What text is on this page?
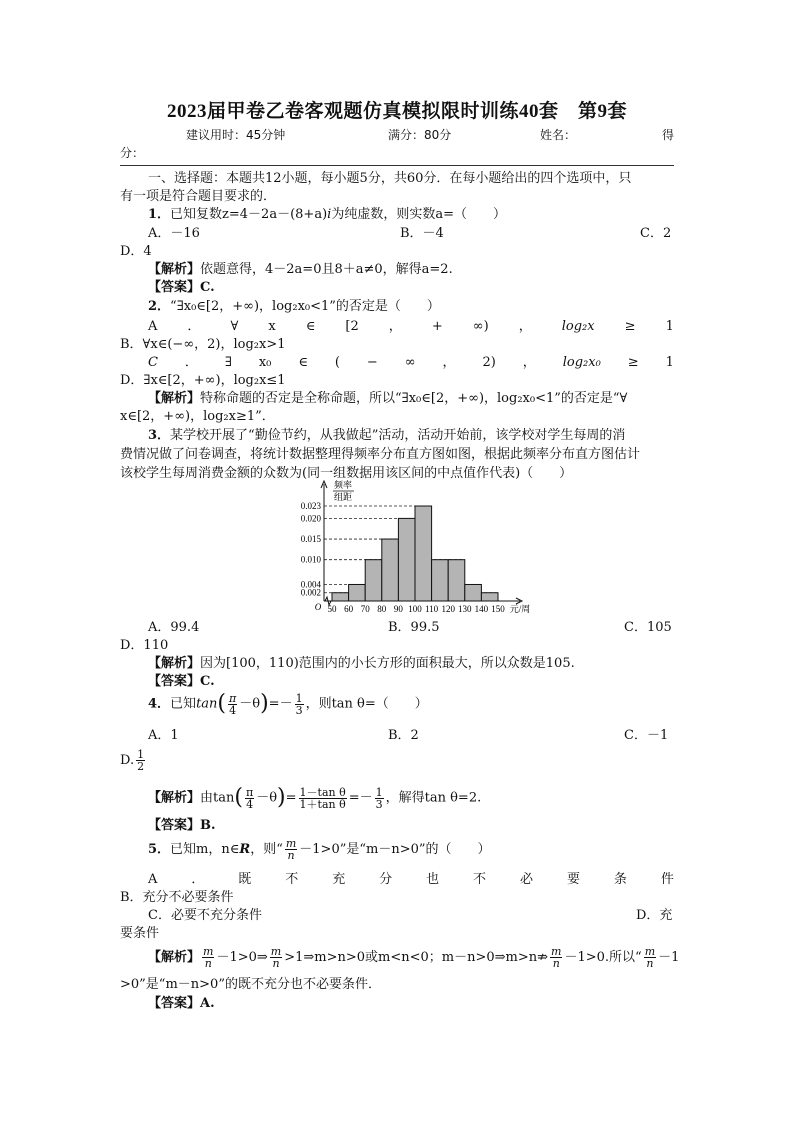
2023届甲卷乙卷客观题仿真模拟限时训练40套　第9套
建议用时：45分钟	满分：80分	姓名：	得
分：
一、选择题：本题共12小题，每小题5分，共60分．在每小题给出的四个选项中，只
有一项是符合题目要求的．
1．已知复数z=4－2a－(8+a)i为纯虚数，则实数a=（　　）
A．－16	B．－4	C．2
D．4
【解析】依题意得，4－2a=0且8＋a≠0，解得a=2.
【答案】C.
2．“∃x₀∈[2，+∞)，log₂x₀<1”的否定是（　　）
A ． ∀ x ∈ [2 ， + ∞) ， log₂x ≥ 1
B．∀x∈(−∞，2)，log₂x>1
C ． ∃ x₀ ∈ ( − ∞ ， 2) ， log₂x₀ ≥ 1
D．∃x∈[2，+∞)，log₂x≤1
【解析】特称命题的否定是全称命题，所以“∃x₀∈[2，+∞)，log₂x₀<1”的否定是“∀
x∈[2，+∞)，log₂x≥1”．
3．某学校开展了“勤俭节约，从我做起”活动，活动开始前，该学校对学生每周的消
费情况做了问卷调查，将统计数据整理得频率分布直方图如图，根据此频率分布直方图估计
该校学生每周消费金额的众数为(同一组数据用该区间的中点值作代表)（　　）
0.002
0.004
0.010
0.015
0.020
0.023
50 60 70 80 90 100 110 120 130 140 150 元/周
O
频率
组距
A．99.4	B．99.5	C．105
D．110
【解析】因为[100，110)范围内的小长方形的面积最大，所以众数是105.
【答案】C.
4．已知$\tan( \frac{\pi}{4} -\theta)=- \frac{1}{3}$ ，则tan θ=（　　）
A．1	B．2	C．－1
D. $\frac{1}{2}$
【解析】由$\tan( \frac{\pi}{4} -\theta)= \frac{\text{1－tan θ}}{\text{1＋tan θ}} =- \frac{1}{3}$ ，解得tan θ=2.
【答案】B.
5．已知m，n∈R，则“ $\frac{m}{n} -1>0$”是“m－n>0”的（　　）
A	．	既	不	充	分	也	不	必	要	条	件
B．充分不必要条件
C．必要不充分条件	D．充
要条件
【解析】 $\frac{m}{n}$ －1>0⇒ $\frac{m}{n}$ >1⇒m>n>0或m<n<0；m－n>0⇒m>n⇏ $\frac{m}{n} -1>0$.所以“ $\frac{m}{n} -1$
>0”是“m－n>0”的既不充分也不必要条件．
【答案】A.
